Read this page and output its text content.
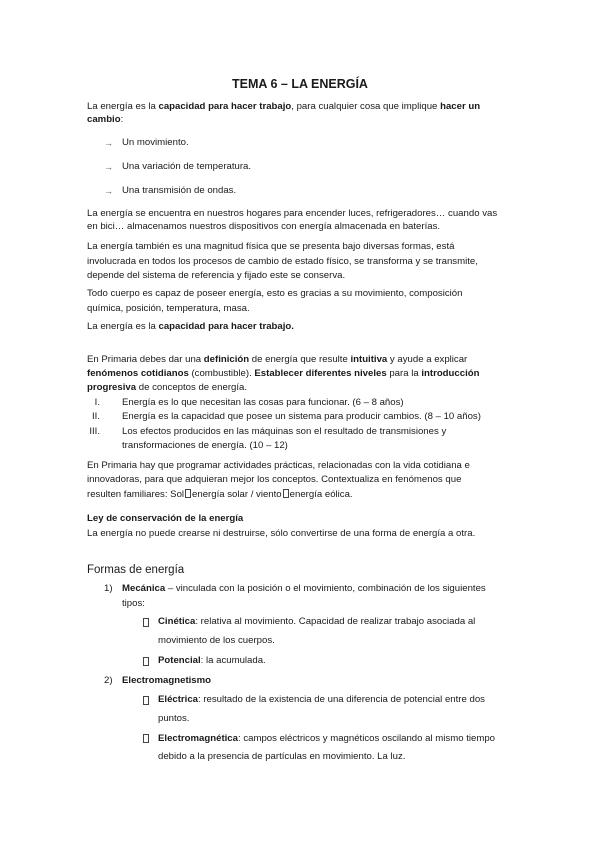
TEMA 6 – LA ENERGÍA
La energía es la capacidad para hacer trabajo, para cualquier cosa que implique hacer un
cambio:
→ Un movimiento.
→ Una variación de temperatura.
→ Una transmisión de ondas.
La energía se encuentra en nuestros hogares para encender luces, refrigeradores… cuando vas
en bici… almacenamos nuestros dispositivos con energía almacenada en baterías.
La energía también es una magnitud física que se presenta bajo diversas formas, está
involucrada en todos los procesos de cambio de estado físico, se transforma y se transmite,
depende del sistema de referencia y fijado este se conserva.
Todo cuerpo es capaz de poseer energía, esto es gracias a su movimiento, composición
química, posición, temperatura, masa.
La energía es la capacidad para hacer trabajo.
En Primaria debes dar una definición de energía que resulte intuitiva y ayude a explicar
fenómenos cotidianos (combustible). Establecer diferentes niveles para la introducción
progresiva de conceptos de energía.
I. Energía es lo que necesitan las cosas para funcionar. (6 – 8 años)
II. Energía es la capacidad que posee un sistema para producir cambios. (8 – 10 años)
III. Los efectos producidos en las máquinas son el resultado de transmisiones y
transformaciones de energía. (10 – 12)
En Primaria hay que programar actividades prácticas, relacionadas con la vida cotidiana e
innovadoras, para que adquieran mejor los conceptos. Contextualiza en fenómenos que
resulten familiares: Sol energía solar / viento energía eólica.
Ley de conservación de la energía
La energía no puede crearse ni destruirse, sólo convertirse de una forma de energía a otra.
Formas de energía
1) Mecánica – vinculada con la posición o el movimiento, combinación de los siguientes
tipos:
Cinética: relativa al movimiento. Capacidad de realizar trabajo asociada al
movimiento de los cuerpos.
Potencial: la acumulada.
2) Electromagnetismo
Eléctrica: resultado de la existencia de una diferencia de potencial entre dos
puntos.
Electromagnética: campos eléctricos y magnéticos oscilando al mismo tiempo
debido a la presencia de partículas en movimiento. La luz.
